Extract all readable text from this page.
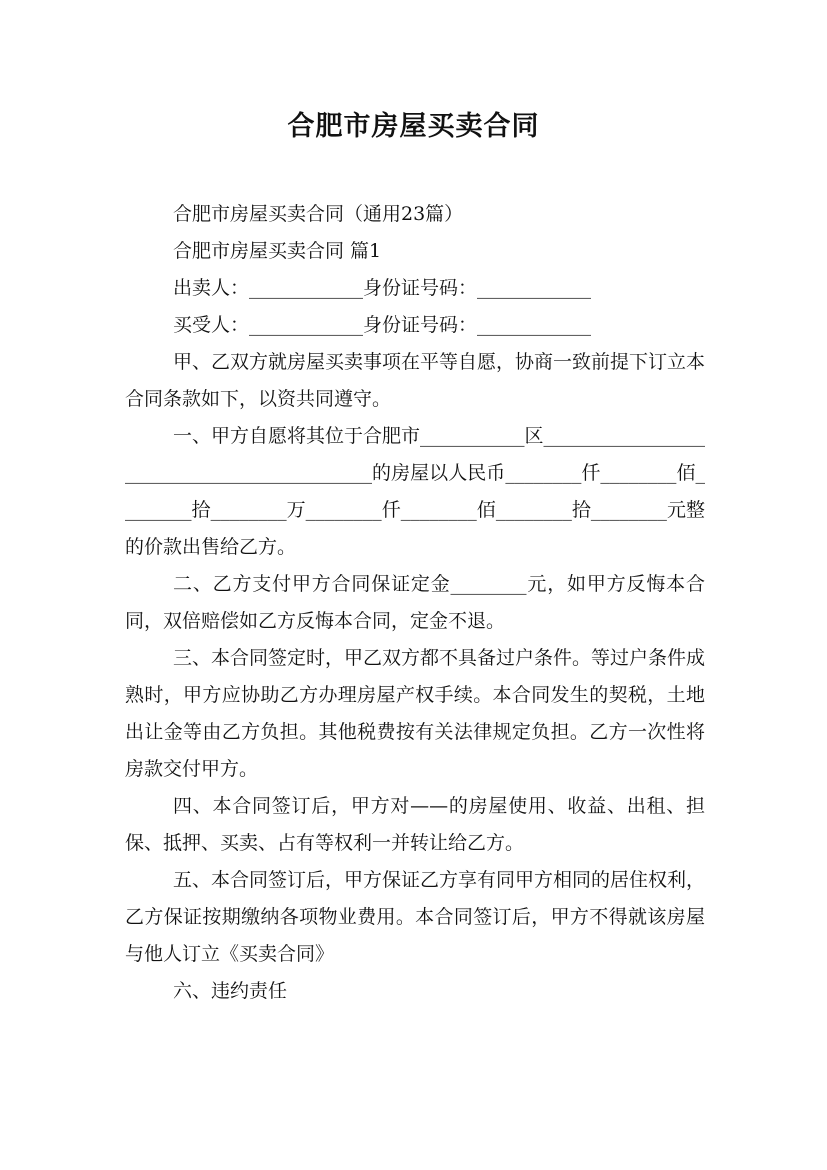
合肥市房屋买卖合同

合肥市房屋买卖合同（通用23篇）

合肥市房屋买卖合同 篇1

出卖人：____________身份证号码：____________

买受人：____________身份证号码：____________

甲、乙双方就房屋买卖事项在平等自愿，协商一致前提下订立本合同条款如下，以资共同遵守。

一、甲方自愿将其位于合肥市___________区___________________________________________的房屋以人民币________仟________佰________拾________万________仟________佰________拾________元整的价款出售给乙方。

二、乙方支付甲方合同保证定金________元，如甲方反悔本合同，双倍赔偿如乙方反悔本合同，定金不退。

三、本合同签定时，甲乙双方都不具备过户条件。等过户条件成熟时，甲方应协助乙方办理房屋产权手续。本合同发生的契税，土地出让金等由乙方负担。其他税费按有关法律规定负担。乙方一次性将房款交付甲方。

四、本合同签订后，甲方对——的房屋使用、收益、出租、担保、抵押、买卖、占有等权利一并转让给乙方。

五、本合同签订后，甲方保证乙方享有同甲方相同的居住权利，乙方保证按期缴纳各项物业费用。本合同签订后，甲方不得就该房屋与他人订立《买卖合同》

六、违约责任
